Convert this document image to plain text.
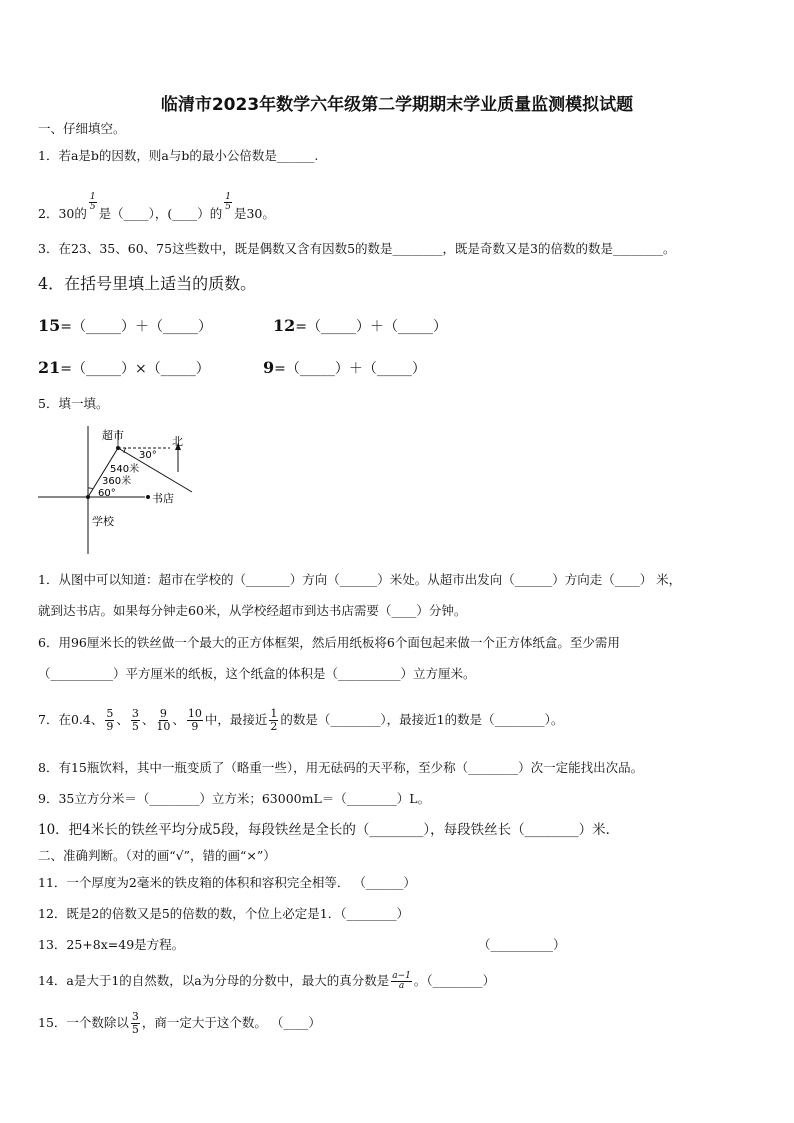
临清市2023年数学六年级第二学期期末学业质量监测模拟试题
一、仔细填空。
1．若a是b的因数，则a与b的最小公倍数是______.
2．30的
$\frac{1}{5}$
是（____），(____）的
$\frac{1}{5}$
是30。
3．在23、35、60、75这些数中，既是偶数又含有因数5的数是________，既是奇数又是3的倍数的数是________。
4．在括号里填上适当的质数。
15=（_____）＋（_____）	12=（_____）＋（_____）
21=（_____）×（_____）	9=（_____）＋（_____）
5．填一填。
超市	北
30°
540米
360米
60°	书店
学校
1．从图中可以知道：超市在学校的（_______）方向（______）米处。从超市出发向（______）方向走（____） 米，
就到达书店。如果每分钟走60米，从学校经超市到达书店需要（____）分钟。
6．用96厘米长的铁丝做一个最大的正方体框架，然后用纸板将6个面包起来做一个正方体纸盒。至少需用
（__________）平方厘米的纸板，这个纸盒的体积是（__________）立方厘米。
7．在0.4、 $\frac{5}{9}$ 、 $\frac{3}{5}$ 、 $\frac{9}{10}$ 、 $\frac{10}{9}$ 中，最接近 $\frac{1}{2}$ 的数是（________），最接近1的数是（________）。
8．有15瓶饮料，其中一瓶变质了（略重一些），用无砝码的天平称，至少称（________）次一定能找出次品。
9．35立方分米＝（________）立方米；63000mL＝（________）L。
10．把4米长的铁丝平均分成5段，每段铁丝是全长的（________），每段铁丝长（________）米．
二、准确判断。（对的画“√”，错的画“×”）
11．一个厚度为2毫米的铁皮箱的体积和容积完全相等． （______）
12．既是2的倍数又是5的倍数的数，个位上必定是1．（________）
13．25+8x=49是方程。	（__________）
14．a是大于1的自然数，以a为分母的分数中，最大的真分数是 $\frac{a-1}{a}$ 。（________）
15．一个数除以 $\frac{3}{5}$ ，商一定大于这个数。 （____）
